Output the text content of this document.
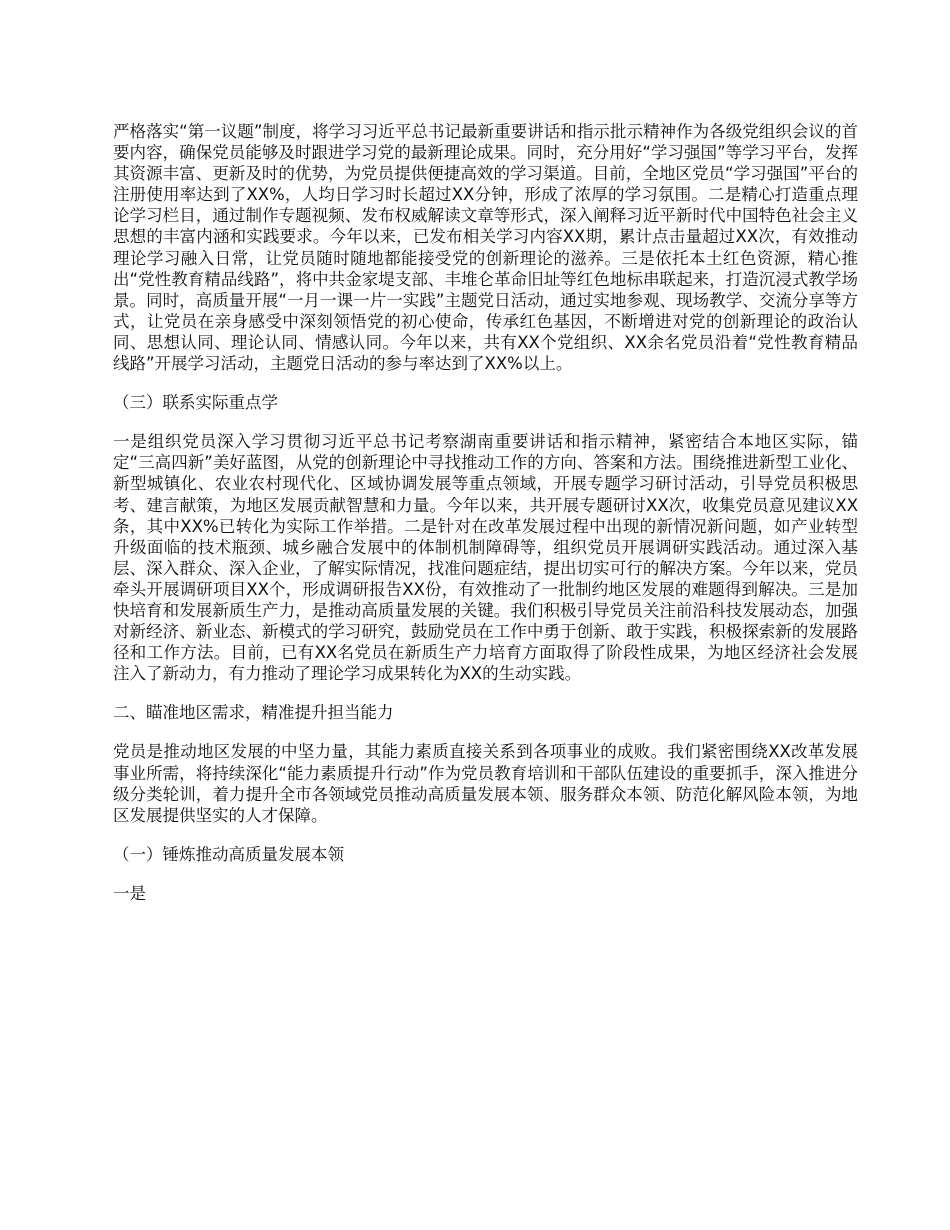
严格落实“第一议题”制度，将学习习近平总书记最新重要讲话和指示批示精神作为各级党组织会议的首要内容，确保党员能够及时跟进学习党的最新理论成果。同时，充分用好“学习强国”等学习平台，发挥其资源丰富、更新及时的优势，为党员提供便捷高效的学习渠道。目前，全地区党员“学习强国”平台的注册使用率达到了XX%，人均日学习时长超过XX分钟，形成了浓厚的学习氛围。二是精心打造重点理论学习栏目，通过制作专题视频、发布权威解读文章等形式，深入阐释习近平新时代中国特色社会主义思想的丰富内涵和实践要求。今年以来，已发布相关学习内容XX期，累计点击量超过XX次，有效推动理论学习融入日常，让党员随时随地都能接受党的创新理论的滋养。三是依托本土红色资源，精心推出“党性教育精品线路”，将中共金家堤支部、丰堆仑革命旧址等红色地标串联起来，打造沉浸式教学场景。同时，高质量开展“一月一课一片一实践”主题党日活动，通过实地参观、现场教学、交流分享等方式，让党员在亲身感受中深刻领悟党的初心使命，传承红色基因，不断增进对党的创新理论的政治认同、思想认同、理论认同、情感认同。今年以来，共有XX个党组织、XX余名党员沿着“党性教育精品线路”开展学习活动，主题党日活动的参与率达到了XX%以上。

（三）联系实际重点学

一是组织党员深入学习贯彻习近平总书记考察湖南重要讲话和指示精神，紧密结合本地区实际，锚定“三高四新”美好蓝图，从党的创新理论中寻找推动工作的方向、答案和方法。围绕推进新型工业化、新型城镇化、农业农村现代化、区域协调发展等重点领域，开展专题学习研讨活动，引导党员积极思考、建言献策，为地区发展贡献智慧和力量。今年以来，共开展专题研讨XX次，收集党员意见建议XX条，其中XX%已转化为实际工作举措。二是针对在改革发展过程中出现的新情况新问题，如产业转型升级面临的技术瓶颈、城乡融合发展中的体制机制障碍等，组织党员开展调研实践活动。通过深入基层、深入群众、深入企业，了解实际情况，找准问题症结，提出切实可行的解决方案。今年以来，党员牵头开展调研项目XX个，形成调研报告XX份，有效推动了一批制约地区发展的难题得到解决。三是加快培育和发展新质生产力，是推动高质量发展的关键。我们积极引导党员关注前沿科技发展动态，加强对新经济、新业态、新模式的学习研究，鼓励党员在工作中勇于创新、敢于实践，积极探索新的发展路径和工作方法。目前，已有XX名党员在新质生产力培育方面取得了阶段性成果，为地区经济社会发展注入了新动力，有力推动了理论学习成果转化为XX的生动实践。

二、瞄准地区需求，精准提升担当能力

党员是推动地区发展的中坚力量，其能力素质直接关系到各项事业的成败。我们紧密围绕XX改革发展事业所需，将持续深化“能力素质提升行动”作为党员教育培训和干部队伍建设的重要抓手，深入推进分级分类轮训，着力提升全市各领域党员推动高质量发展本领、服务群众本领、防范化解风险本领，为地区发展提供坚实的人才保障。

（一）锤炼推动高质量发展本领

一是
